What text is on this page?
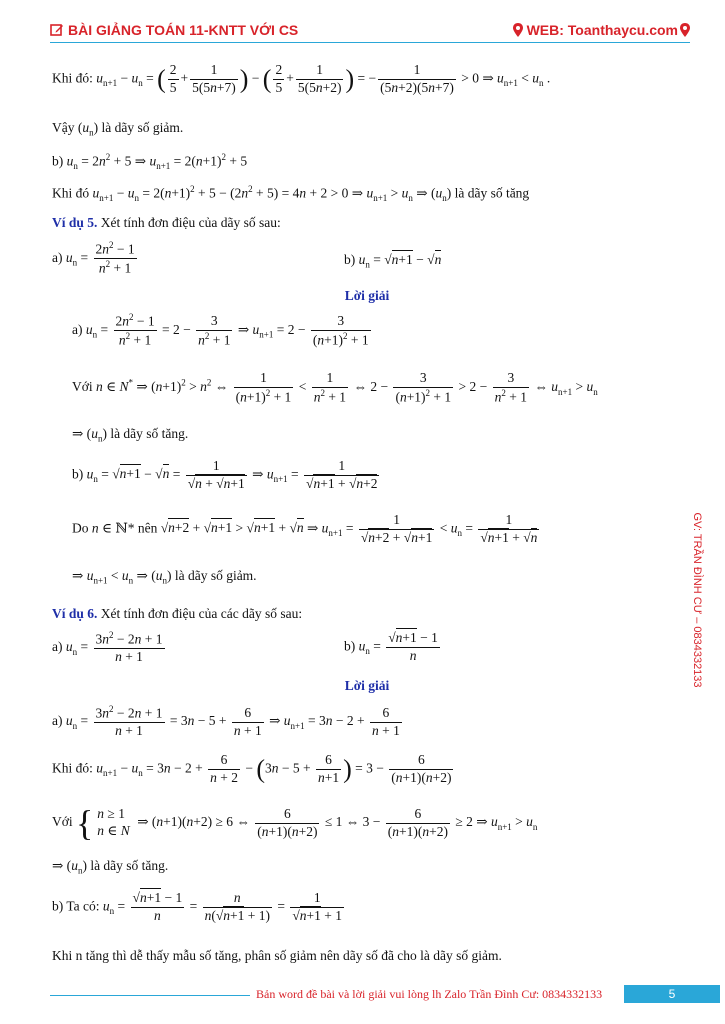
BÀI GIẢNG TOÁN 11-KNTT VỚI CS	WEB: Toanthaycu.com
Khi đó: $u_{n+1} - u_n$ = ( $\frac{2}{5} + \frac{1}{5(5n+7)}$ ) − ( $\frac{2}{5} + \frac{1}{5(5n+2)}$ ) = − $\frac{1}{(5n+2)(5n+7)} > 0$ ⇒ $u_{n+1} < u_n$ .
Vậy $(u_n)$ là dãy số giảm.
b) $u_n = 2n^2 + 5$ ⇒ $u_{n+1} = 2(n+1)^2 + 5$
Khi đó $u_{n+1} - u_n = 2(n+1)^2 + 5 - (2n^2 + 5) = 4n + 2 > 0$ ⇒ $u_{n+1} > u_n$ ⇒ $(u_n)$ là dãy số tăng
Ví dụ 5. Xét tính đơn điệu của dãy số sau:
a) $u_n = \frac{2n^2 - 1}{n^2 + 1}$	b) $u_n = √n+1 - √n$
Lời giải
a) $u_n = \frac{2n^2 - 1}{n^2 + 1} = 2 - \frac{3}{n^2 + 1}$ ⇒ $u_{n+1} = 2 - \frac{3}{(n+1)^2 + 1}$
Với n ∈ N* ⇒ $(n+1)^2 > n^2$ ⇔ $\frac{1}{(n+1)^2 + 1} < \frac{1}{n^2 + 1}$ ⇔ $2 - \frac{3}{(n+1)^2 + 1} > 2 - \frac{3}{n^2 + 1}$ ⇔ $u_{n+1} > u_n$
⇒ $(u_n)$ là dãy số tăng.
b) $u_n = √n+1 - √n = \frac{1}{√n + √n+1}$ ⇒ $u_{n+1} = \frac{1}{√n+1 + √n+2}$
Do n ∈ ℕ* nên √n+2 + √n+1 > √n+1 + √n ⇒ $u_{n+1} = \frac{1}{√n+2 + √n+1} < u_n = \frac{1}{√n+1 + √n}$
⇒ $u_{n+1} < u_n$ ⇒ $(u_n)$ là dãy số giảm.
Ví dụ 6. Xét tính đơn điệu của các dãy số sau:
a) $u_n = \frac{3n^2 - 2n + 1}{n + 1}$	b) $u_n = \frac{√n+1 - 1}{n}$
Lời giải
a) $u_n = \frac{3n^2 - 2n + 1}{n + 1} = 3n - 5 + \frac{6}{n + 1}$ ⇒ $u_{n+1} = 3n - 2 + \frac{6}{n + 1}$
Khi đó: $u_{n+1} - u_n = 3n - 2 + \frac{6}{n + 2} - (3n - 5 + \frac{6}{n+1}$ ) = $3 - \frac{6}{(n+1)(n+2)}$
Với { n ≥ 1
n ∈ N
⇒ (n+1)(n+2) ≥ 6 ⇔ $\frac{6}{(n+1)(n+2)} \le 1$ ⇔ $3 - \frac{6}{(n+1)(n+2)} \ge 2$ ⇒ $u_{n+1} > u_n$
⇒ $(u_n)$ là dãy số tăng.
b) Ta có: $u_n = \frac{√n+1 - 1}{n} = \frac{n}{n(√n+1 + 1)} = \frac{1}{√n+1 + 1}$
Khi n tăng thì dễ thấy mẫu số tăng, phân số giảm nên dãy số đã cho là dãy số giảm.
GV: TRẦN ĐÌNH CƯ – 0834332133
Bản word đề bài và lời giải vui lòng lh Zalo Trần Đình Cư: 0834332133	5
